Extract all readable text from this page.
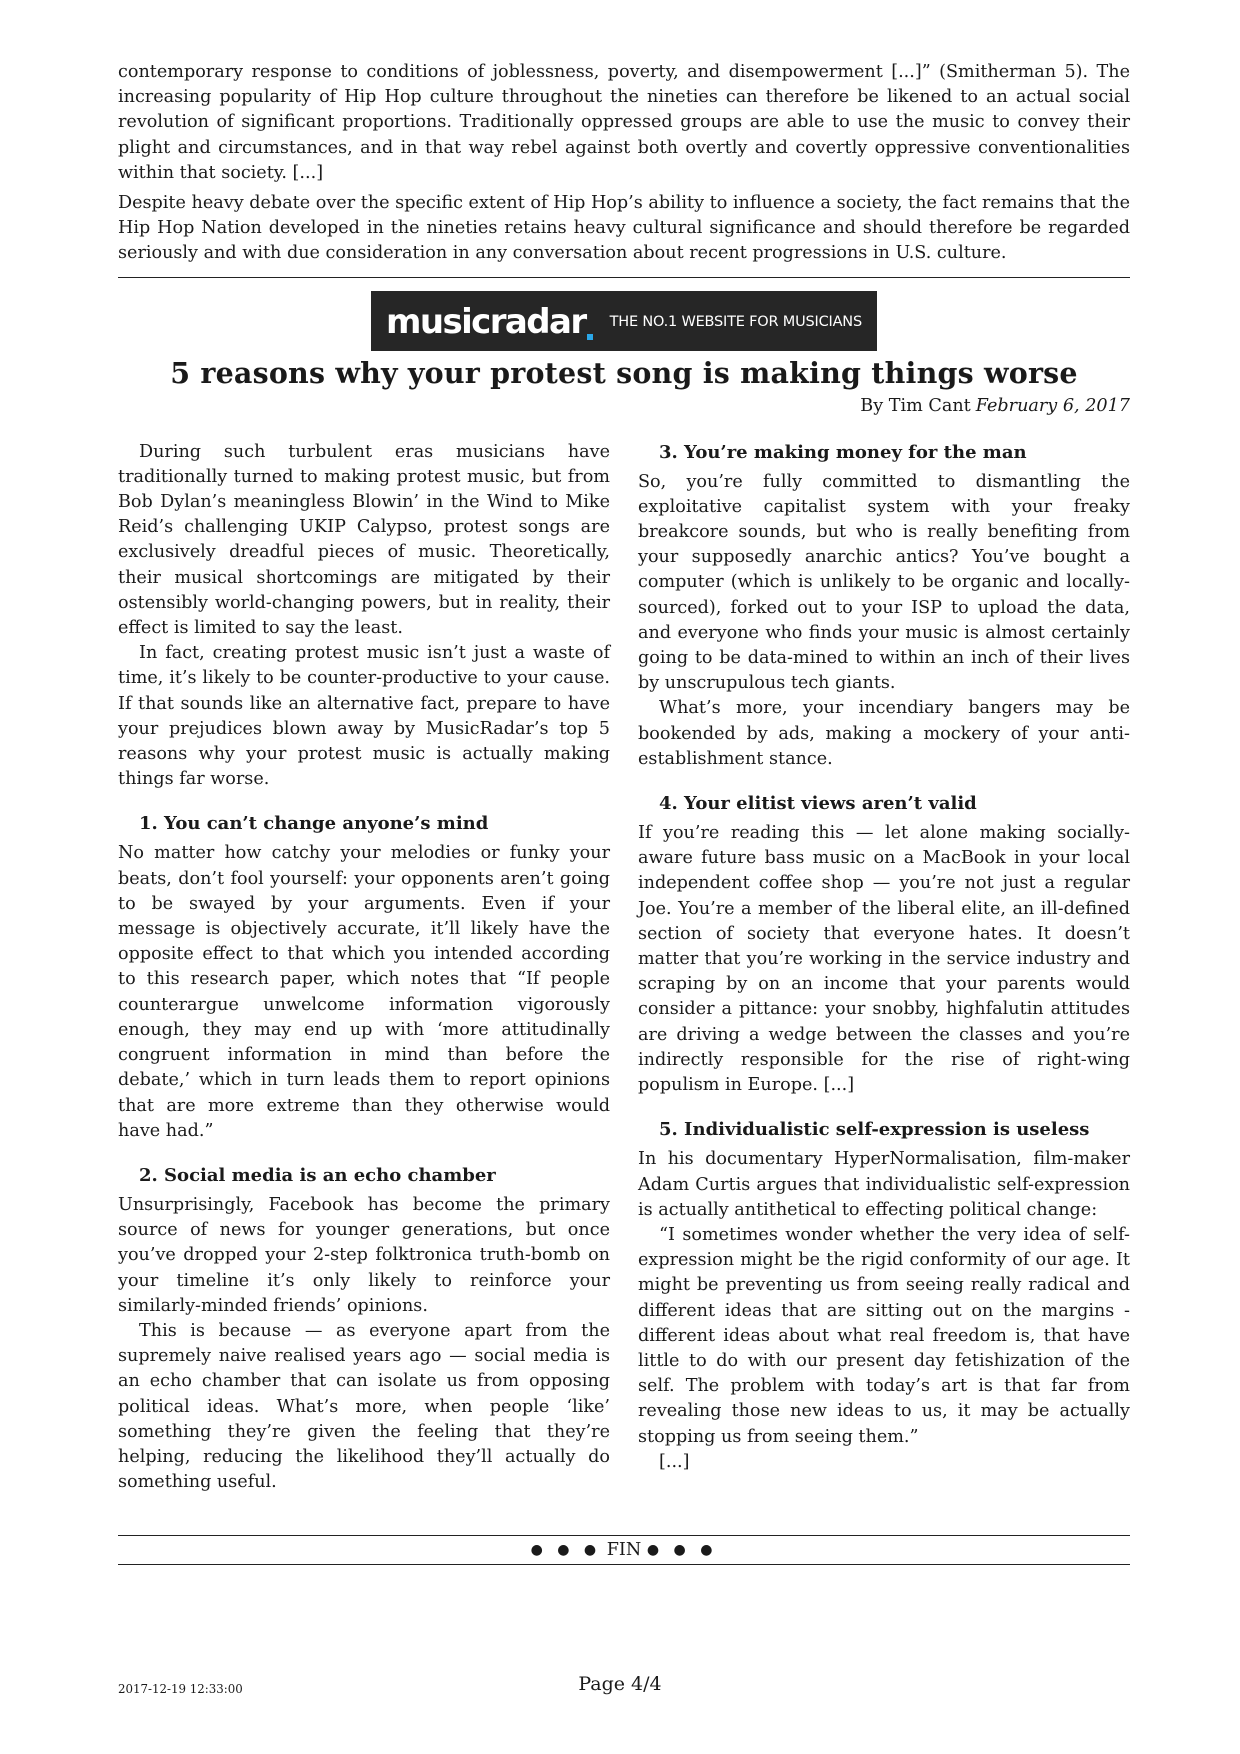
contemporary response to conditions of joblessness, poverty, and disempowerment [...]” (Smitherman 5). The increasing popularity of Hip Hop culture throughout the nineties can therefore be likened to an actual social revolution of significant proportions. Traditionally oppressed groups are able to use the music to convey their plight and circumstances, and in that way rebel against both overtly and covertly oppressive conventionalities within that society. [...]

Despite heavy debate over the specific extent of Hip Hop’s ability to influence a society, the fact remains that the Hip Hop Nation developed in the nineties retains heavy cultural significance and should therefore be regarded seriously and with due consideration in any conversation about recent progressions in U.S. culture.

musicradar THE NO.1 WEBSITE FOR MUSICIANS
5 reasons why your protest song is making things worse
By Tim Cant February 6, 2017

During such turbulent eras musicians have traditionally turned to making protest music, but from Bob Dylan’s meaningless Blowin’ in the Wind to Mike Reid’s challenging UKIP Calypso, protest songs are exclusively dreadful pieces of music. Theoretically, their musical shortcomings are mitigated by their ostensibly world-changing powers, but in reality, their effect is limited to say the least.

In fact, creating protest music isn’t just a waste of time, it’s likely to be counter-productive to your cause. If that sounds like an alternative fact, prepare to have your prejudices blown away by MusicRadar’s top 5 reasons why your protest music is actually making things far worse.

1. You can’t change anyone’s mind

No matter how catchy your melodies or funky your beats, don’t fool yourself: your opponents aren’t going to be swayed by your arguments. Even if your message is objectively accurate, it’ll likely have the opposite effect to that which you intended according to this research paper, which notes that “If people counterargue unwelcome information vigorously enough, they may end up with ‘more attitudinally congruent information in mind than before the debate,’ which in turn leads them to report opinions that are more extreme than they otherwise would have had.”

2. Social media is an echo chamber

Unsurprisingly, Facebook has become the primary source of news for younger generations, but once you’ve dropped your 2-step folktronica truth-bomb on your timeline it’s only likely to reinforce your similarly-minded friends’ opinions.

This is because — as everyone apart from the supremely naive realised years ago — social media is an echo chamber that can isolate us from opposing political ideas. What’s more, when people ‘like’ something they’re given the feeling that they’re helping, reducing the likelihood they’ll actually do something useful.

3. You’re making money for the man

So, you’re fully committed to dismantling the exploitative capitalist system with your freaky breakcore sounds, but who is really benefiting from your supposedly anarchic antics? You’ve bought a computer (which is unlikely to be organic and locally-sourced), forked out to your ISP to upload the data, and everyone who finds your music is almost certainly going to be data-mined to within an inch of their lives by unscrupulous tech giants.

What’s more, your incendiary bangers may be bookended by ads, making a mockery of your anti-establishment stance.

4. Your elitist views aren’t valid

If you’re reading this — let alone making socially-aware future bass music on a MacBook in your local independent coffee shop — you’re not just a regular Joe. You’re a member of the liberal elite, an ill-defined section of society that everyone hates. It doesn’t matter that you’re working in the service industry and scraping by on an income that your parents would consider a pittance: your snobby, highfalutin attitudes are driving a wedge between the classes and you’re indirectly responsible for the rise of right-wing populism in Europe. [...]

5. Individualistic self-expression is useless

In his documentary HyperNormalisation, film-maker Adam Curtis argues that individualistic self-expression is actually antithetical to effecting political change:

“I sometimes wonder whether the very idea of self-expression might be the rigid conformity of our age. It might be preventing us from seeing really radical and different ideas that are sitting out on the margins - different ideas about what real freedom is, that have little to do with our present day fetishization of the self. The problem with today’s art is that far from revealing those new ideas to us, it may be actually stopping us from seeing them.”

[...]

● ● ● FIN ● ● ●
2017-12-19 12:33:00	Page 4/4
